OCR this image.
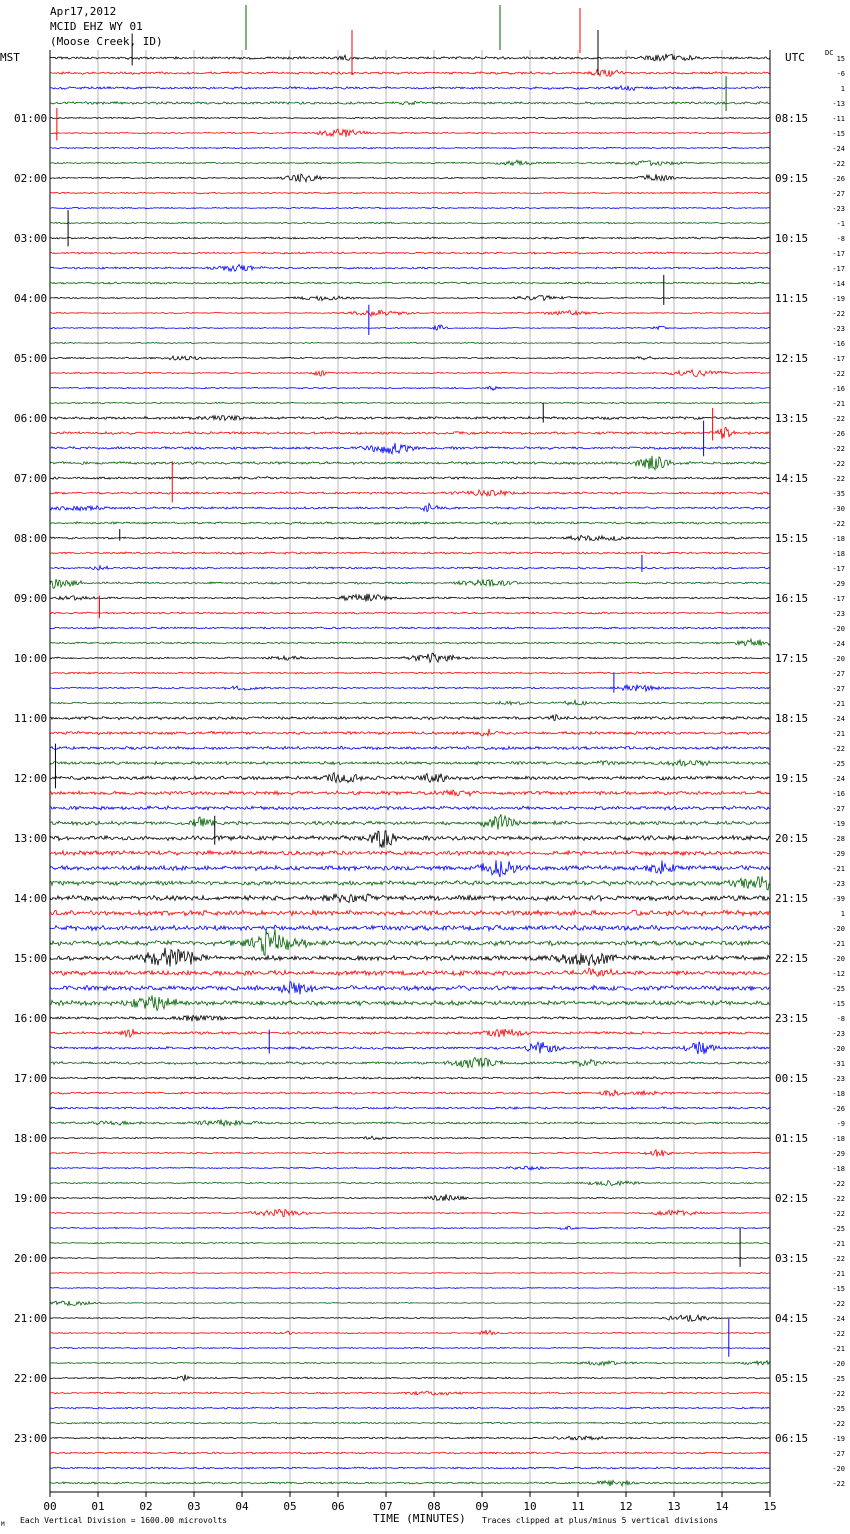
Apr17,2012
MCID EHZ WY 01
(Moose Creek, ID)
MST	UTC	DC
01:00
02:00
03:00
04:00
05:00
06:00
07:00
08:00
09:00
10:00
11:00
12:00
13:00
14:00
15:00
16:00
17:00
18:00
19:00
20:00
21:00
22:00
23:00
08:15
09:15
10:15
11:15
12:15
13:15
14:15
15:15
16:15
17:15
18:15
19:15
20:15
21:15
22:15
23:15
00:15
01:15
02:15
03:15
04:15
05:15
06:15
15
-6
1
-13
-11
-15
-24
-22
-26
-27
-23
-1
-8
-17
-17
-14
-19
-22
-23
-16
-17
-22
-16
-21
-22
-26
-22
-22
-22
-35
-30
-22
-18
-18
-17
-29
-17
-23
-20
-24
-20
-27
-27
-21
-24
-21
-22
-25
-24
-16
-27
-19
-28
-29
-21
-23
-39
1
-20
-21
-20
-12
-25
-15
-8
-23
-20
-31
-23
-18
-26
-9
-18
-29
-18
-22
-22
-22
-25
-21
-22
-21
-15
-22
-24
-22
-21
-20
-25
-22
-25
-22
-19
-27
-20
-22
00	01	02	03	04	05	06	07	08	09	10	11	12	13	14	15
TIME (MINUTES)
Each Vertical Division = 1600.00 microvolts	Traces clipped at plus/minus 5 vertical divisions
M
